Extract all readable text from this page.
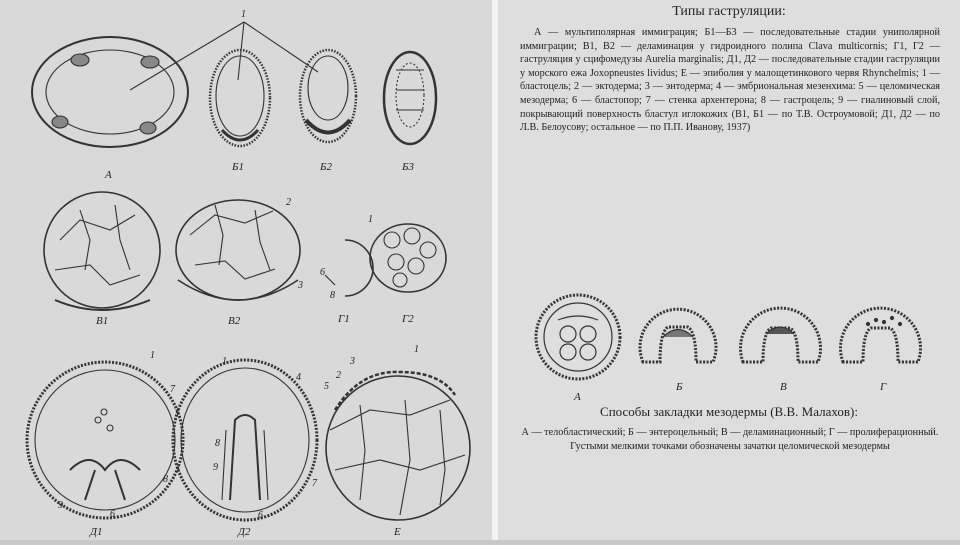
1
А
Б1	Б2	Б3
В1	В2	Г1	Г2
2
3
1
6
8
Д1	Д2	Е
1
7
8
9
6
1
4
8
9
7
6
5
2
3
1
Типы гаструляции:
А — мультиполярная иммиграция; Б1—Б3 — последовательные стадии униполярной иммиграции; В1, В2 — деламинация у гидроидного полипа Clava multicornis; Г1, Г2 — гаструляция у сцифомедузы Aurelia marginalis; Д1, Д2 — последовательные стадии гаструляции у морского ежа Joxopneustes lividus; Е — эпиболия у малощетинкового червя Rhynchelmis; 1 — бластоцель; 2 — эктодерма; 3 — энтодерма; 4 — эмбриональная мезенхима: 5 — целомическая мезодерма; 6 — бластопор; 7 — стенка архентерона; 8 — гастроцель; 9 — гиалиновый слой, покрывающий поверхность бластул иглокожих (В1, Б1 — по Т.В. Остроумовой; Д1, Д2 — по Л.В. Белоусову; остальное — по П.П. Иванову, 1937)
А
Б	В	Г
Способы закладки мезодермы (В.В. Малахов):
А — телобластический; Б — энтероцельный; В — деламинационный; Г — пролиферационный. Густыми мелкими точками обозначены зачатки целомической мезодермы
